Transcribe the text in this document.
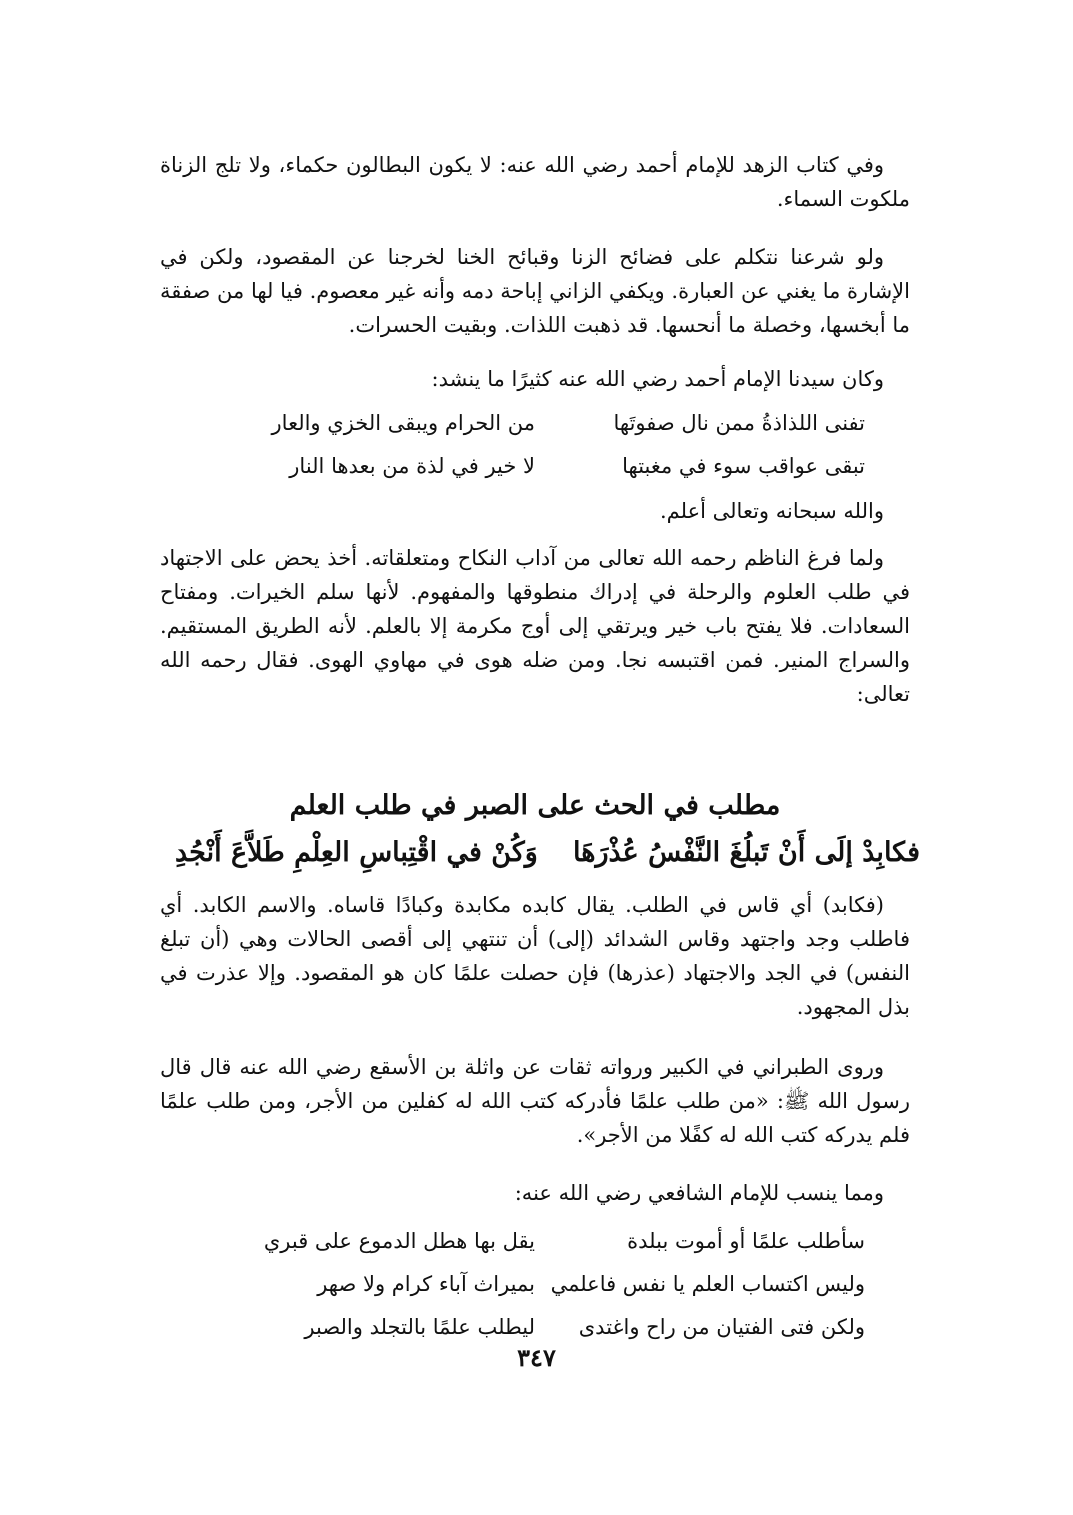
وفي كتاب الزهد للإمام أحمد رضي الله عنه: لا يكون البطالون حكماء، ولا تلج الزناة ملكوت السماء.

ولو شرعنا نتكلم على فضائح الزنا وقبائح الخنا لخرجنا عن المقصود، ولكن في الإشارة ما يغني عن العبارة. ويكفي الزاني إباحة دمه وأنه غير معصوم. فيا لها من صفقة ما أبخسها، وخصلة ما أنحسها. قد ذهبت اللذات. وبقيت الحسرات.

وكان سيدنا الإمام أحمد رضي الله عنه كثيرًا ما ينشد:

تفنى اللذاذةُ ممن نال صفوتَها
من الحرام ويبقى الخزي والعار
تبقى عواقب سوء في مغبتها
لا خير في لذة من بعدها النار

والله سبحانه وتعالى أعلم.

ولما فرغ الناظم رحمه الله تعالى من آداب النكاح ومتعلقاته. أخذ يحض على الاجتهاد في طلب العلوم والرحلة في إدراك منطوقها والمفهوم. لأنها سلم الخيرات. ومفتاح السعادات. فلا يفتح باب خير ويرتقي إلى أوج مكرمة إلا بالعلم. لأنه الطريق المستقيم. والسراج المنير. فمن اقتبسه نجا. ومن ضله هوى في مهاوي الهوى. فقال رحمه الله تعالى:

مطلب في الحث على الصبر في طلب العلم
فكابِدْ إلَى أَنْ تَبلُغَ النَّفْسُ عُذْرَهَا
وَكُنْ في اقْتِباسِ العِلْمِ طَلاَّعَ أَنْجُدِ

(فكابد) أي قاس في الطلب. يقال كابده مكابدة وكبادًا قاساه. والاسم الكابد. أي فاطلب وجد واجتهد وقاس الشدائد (إلى) أن تنتهي إلى أقصى الحالات وهي (أن تبلغ النفس) في الجد والاجتهاد (عذرها) فإن حصلت علمًا كان هو المقصود. وإلا عذرت في بذل المجهود.

وروى الطبراني في الكبير ورواته ثقات عن واثلة بن الأسقع رضي الله عنه قال قال رسول الله ﷺ: «من طلب علمًا فأدركه كتب الله له كفلين من الأجر، ومن طلب علمًا فلم يدركه كتب الله له كفًلا من الأجر».

ومما ينسب للإمام الشافعي رضي الله عنه:

سأطلب علمًا أو أموت ببلدة
يقل بها هطل الدموع على قبري
وليس اكتساب العلم يا نفس فاعلمي
بميراث آباء كرام ولا صهر
ولكن فتى الفتيان من راح واغتدى
ليطلب علمًا بالتجلد والصبر
٣٤٧
